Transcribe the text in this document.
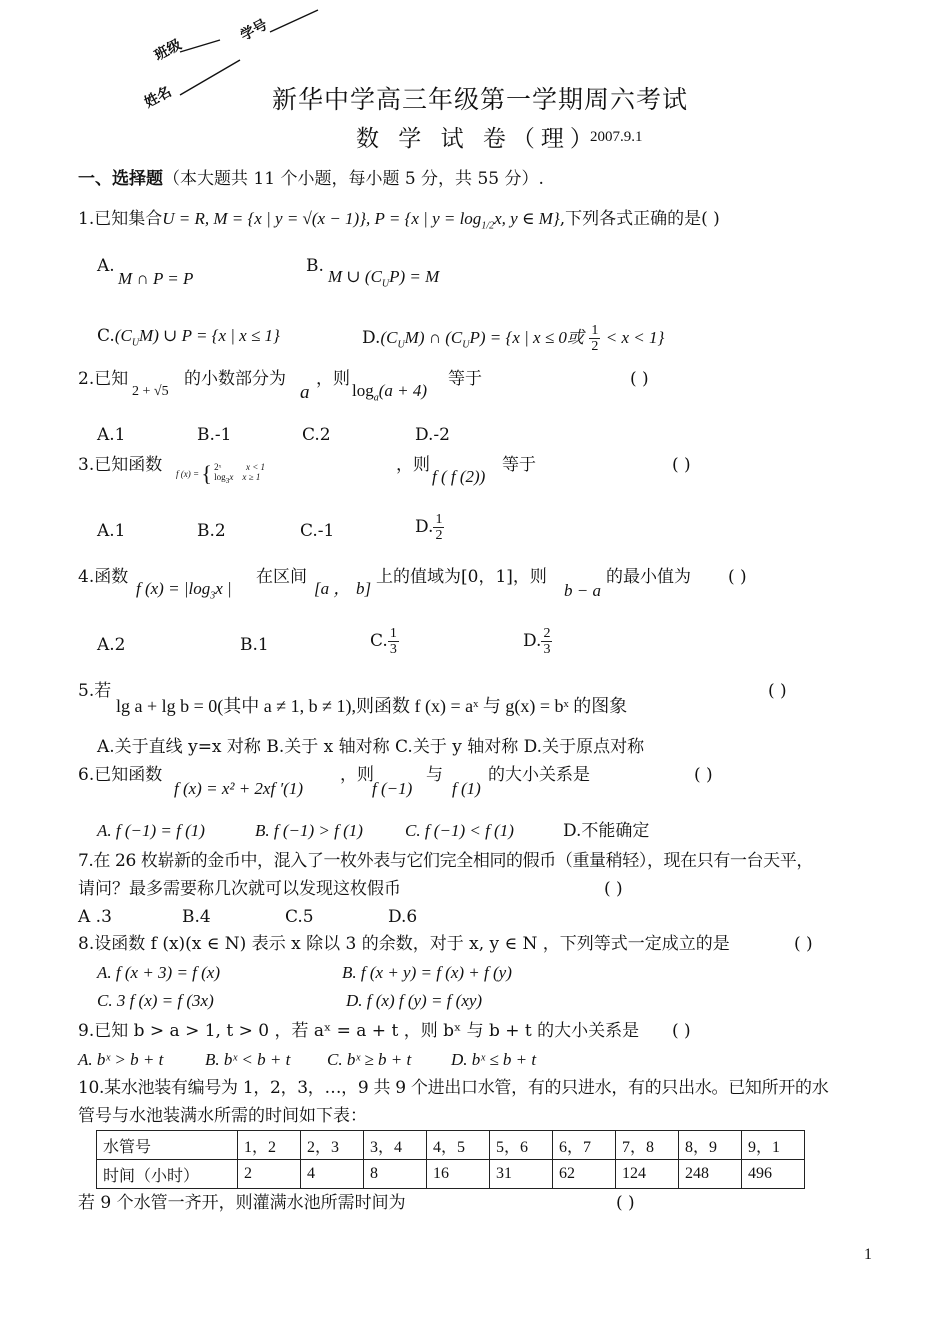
班级
学号
姓名	新华中学高三年级第一学期周六考试
数 学 试 卷（理）
2007.9.1
一、选择题（本大题共 11 个小题，每小题 5 分，共 55 分）.
1.已知集合U = R, M = {x | y = √(x − 1)}, P = {x | $y = \log_{1/2}x$, y ∈ M},下列各式正确的是( )
A.
M ∩ P = P
B.
M ∪ $(C_UP) = M$
$C.(C_UM)$ ∪ P = {x | x ≤ 1}	$D.(C_UM)$ ∩ $(C_UP) = \{x$ | x ≤ 0或 $\frac{1}{2} < x < 1$}
2.已知
2 + √5
的小数部分为
a
，则
$\log_a(a + 4)$
等于	( )
A.1	B.-1	C.2	D.-2
3.已知函数 f (x) = { 2ˣ	x < 1
$\log_3x$ x ≥ 1
，则
f ( f (2))
等于	( )
A.1	B.2	C.-1	D. $\frac{1}{2}$
4.函数
f $(x) = |\log_3x$ |
在区间
[a ， b]
上的值域为[0，1]，则
b − a
的最小值为 ( )
A.2	B.1	C. $\frac{1}{3}$	D. $\frac{2}{3}$
5.若
lg a + lg b = 0(其中 a ≠ 1, b ≠ 1),则函数 f (x) = aˣ 与 g(x) = bˣ 的图象
( )
A.关于直线 y=x 对称 B.关于 x 轴对称 C.关于 y 轴对称 D.关于原点对称
6.已知函数
f (x) = x² + 2xf ′(1)
，则
f (−1)
与
f (1)
的大小关系是	( )
A. f (−1) = f (1)	B. f (−1) > f (1) C. f (−1) < f (1)	D.不能确定
7.在 26 枚崭新的金币中，混入了一枚外表与它们完全相同的假币（重量稍轻），现在只有一台天平，
请问？最多需要称几次就可以发现这枚假币	( )
A .3	B.4	C.5	D.6
8.设函数 f (x)(x ∈ N) 表示 x 除以 3 的余数，对于 x, y ∈ N ，下列等式一定成立的是	( )
A. f (x + 3) = f (x)	B. f (x + y) = f (x) + f (y)
C. 3 f (x) = f (3x)	D. f (x) f (y) = f (xy)
9.已知 b > a > 1, t > 0 ，若 aˣ = a + t ，则 bˣ 与 b + t 的大小关系是 ( )
A. bˣ > b + t B. bˣ < b + t C. bˣ ≥ b + t D. bˣ ≤ b + t
10.某水池装有编号为 1，2，3，…，9 共 9 个进出口水管，有的只进水，有的只出水。已知所开的水
管号与水池装满水所需的时间如下表：
水管号	1，2	2，3	3，4	4，5	5，6	6，7	7，8	8，9	9，1
时间（小时）	2	4	8	16	31	62	124	248	496
若 9 个水管一齐开，则灌满水池所需时间为	( )
1
